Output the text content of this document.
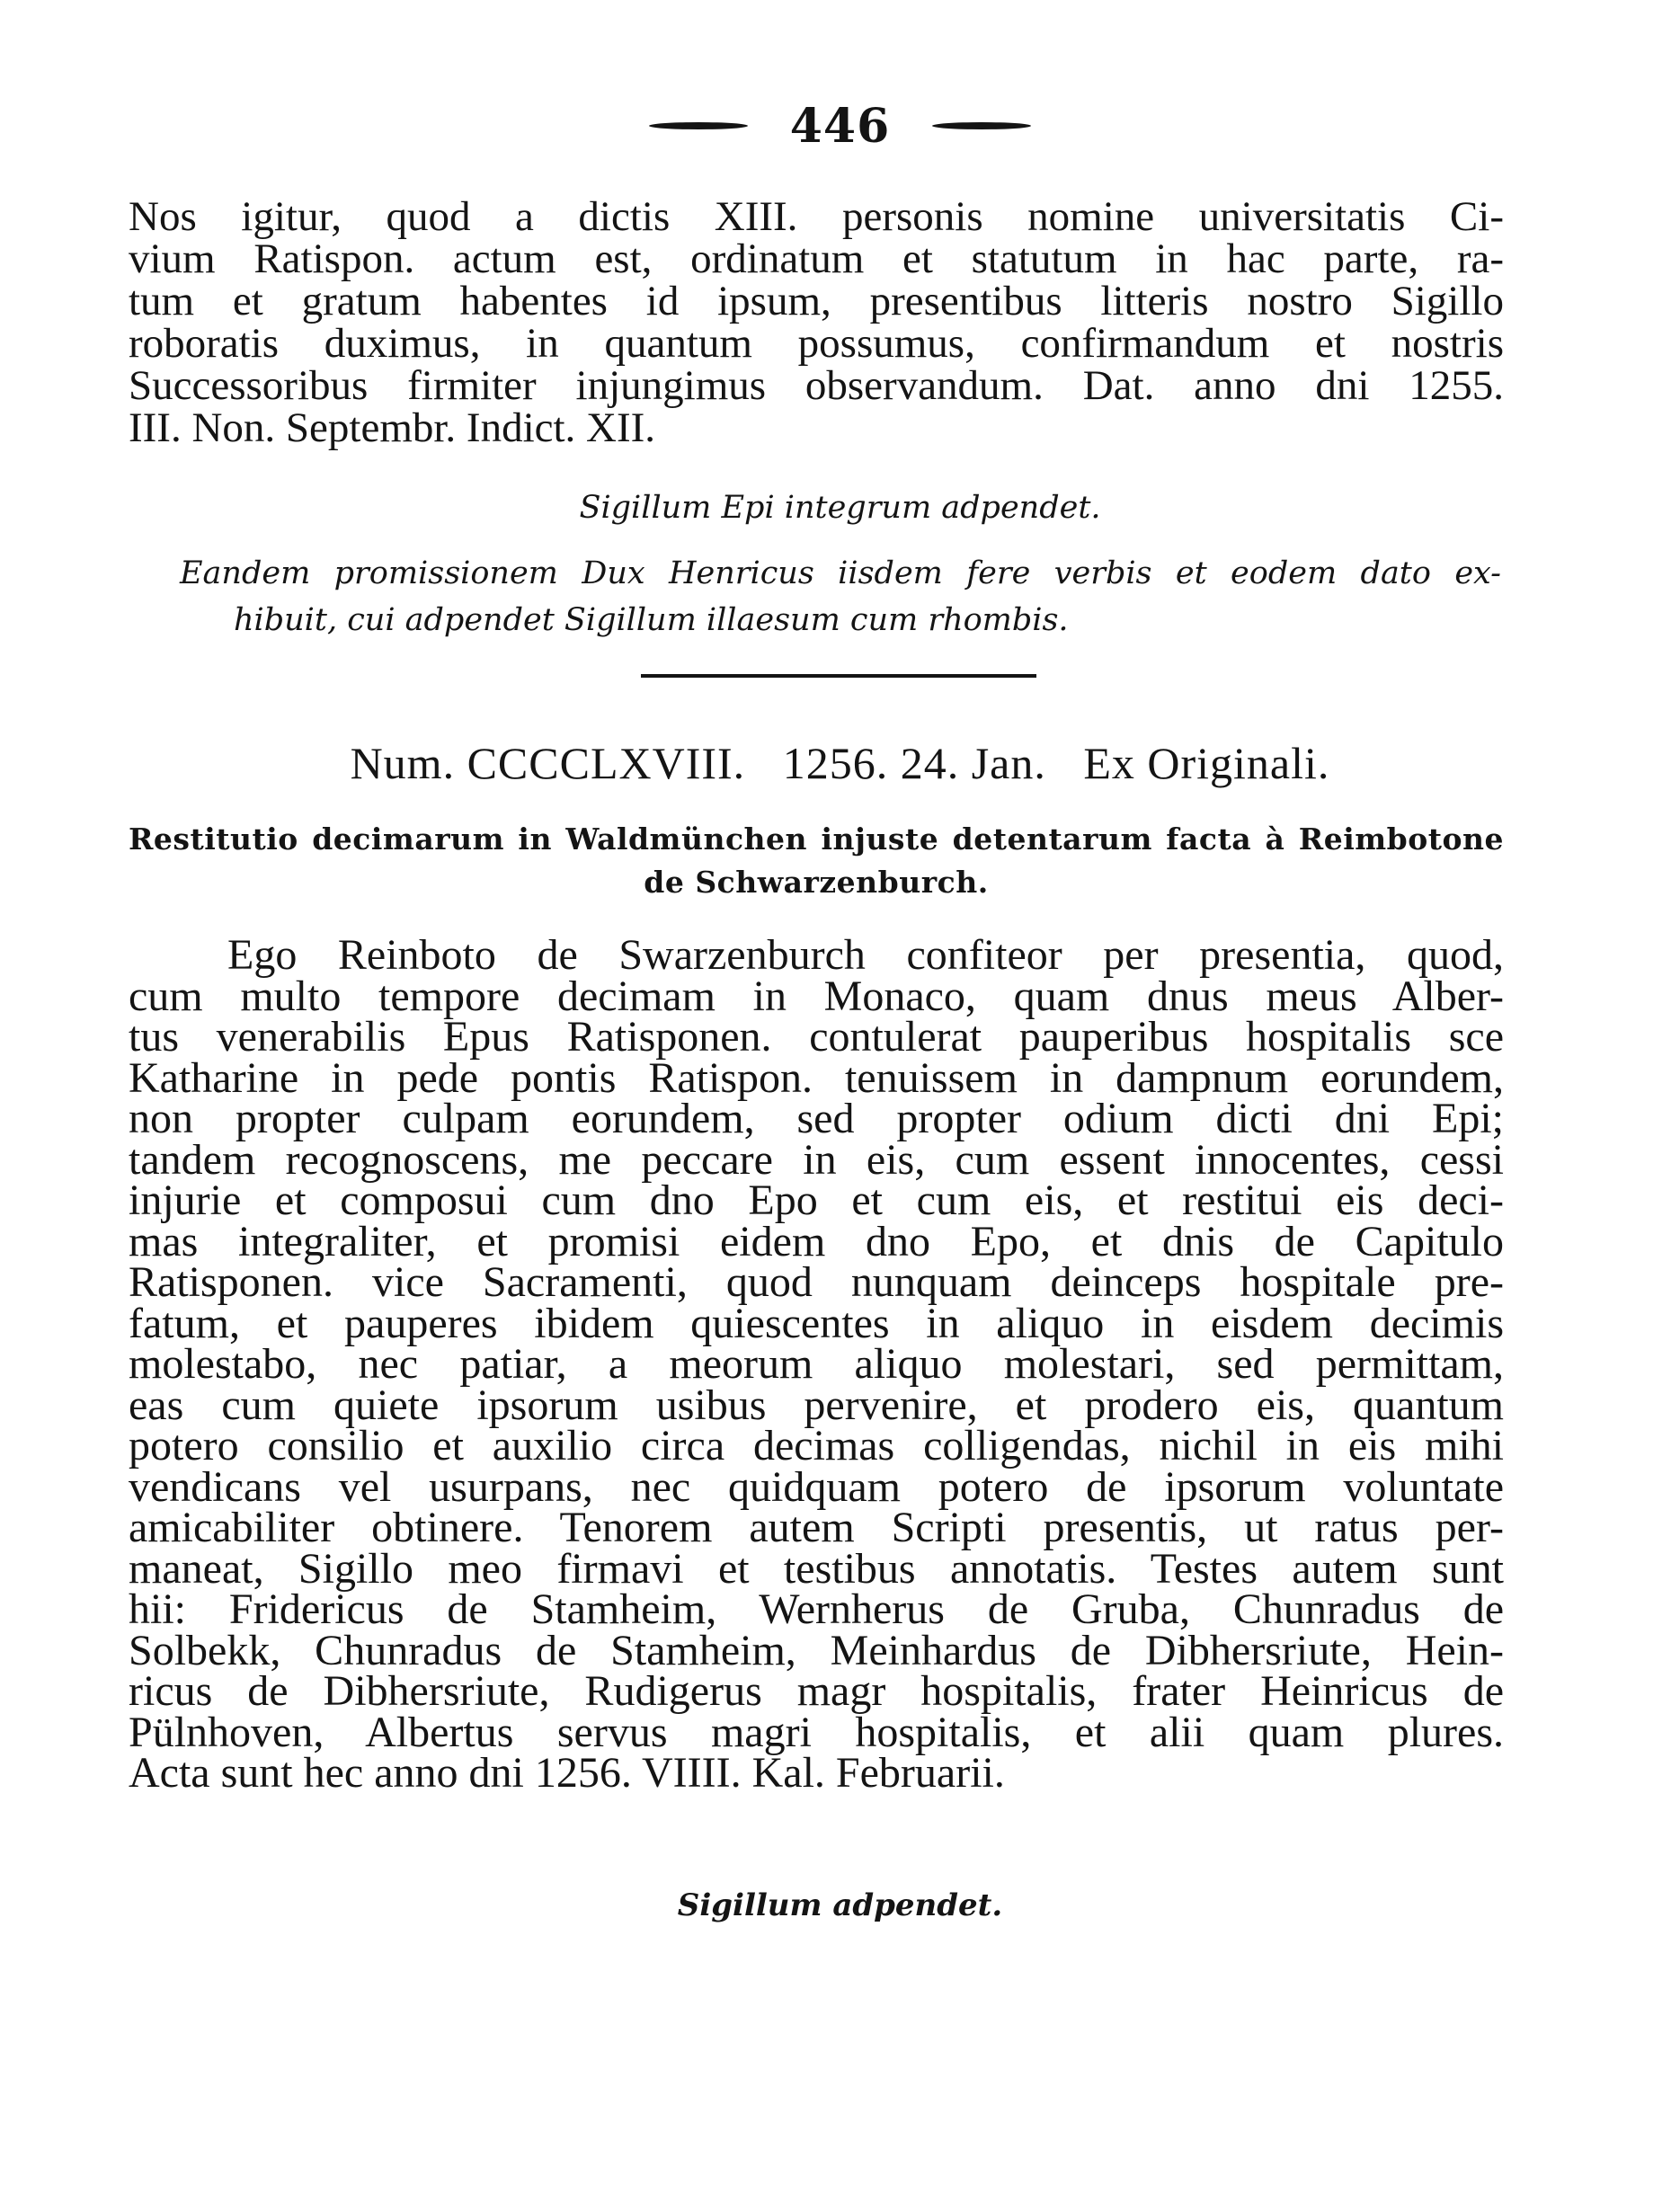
446
Nos igitur, quod a dictis XIII. personis nomine universitatis Ci-
vium Ratispon. actum est, ordinatum et statutum in hac parte, ra-
tum et gratum habentes id ipsum, presentibus litteris nostro Sigillo
roboratis duximus, in quantum possumus, confirmandum et nostris
Successoribus firmiter injungimus observandum. Dat. anno dni 1255.
III. Non. Septembr. Indict. XII.
Sigillum Epi integrum adpendet.
Eandem promissionem Dux Henricus iisdem fere verbis et eodem dato ex-
hibuit, cui adpendet Sigillum illaesum cum rhombis.
Num. CCCCLXVIII. 1256. 24. Jan. Ex Originali.
Restitutio decimarum in Waldmünchen injuste detentarum facta à Reimbotone
de Schwarzenburch.
Ego Reinboto de Swarzenburch confiteor per presentia, quod,
cum multo tempore decimam in Monaco, quam dnus meus Alber-
tus venerabilis Epus Ratisponen. contulerat pauperibus hospitalis sce
Katharine in pede pontis Ratispon. tenuissem in dampnum eorundem,
non propter culpam eorundem, sed propter odium dicti dni Epi;
tandem recognoscens, me peccare in eis, cum essent innocentes, cessi
injurie et composui cum dno Epo et cum eis, et restitui eis deci-
mas integraliter, et promisi eidem dno Epo, et dnis de Capitulo
Ratisponen. vice Sacramenti, quod nunquam deinceps hospitale pre-
fatum, et pauperes ibidem quiescentes in aliquo in eisdem decimis
molestabo, nec patiar, a meorum aliquo molestari, sed permittam,
eas cum quiete ipsorum usibus pervenire, et prodero eis, quantum
potero consilio et auxilio circa decimas colligendas, nichil in eis mihi
vendicans vel usurpans, nec quidquam potero de ipsorum voluntate
amicabiliter obtinere. Tenorem autem Scripti presentis, ut ratus per-
maneat, Sigillo meo firmavi et testibus annotatis. Testes autem sunt
hii: Fridericus de Stamheim, Wernherus de Gruba, Chunradus de
Solbekk, Chunradus de Stamheim, Meinhardus de Dibhersriute, Hein-
ricus de Dibhersriute, Rudigerus magr hospitalis, frater Heinricus de
Pülnhoven, Albertus servus magri hospitalis, et alii quam plures.
Acta sunt hec anno dni 1256. VIIII. Kal. Februarii.
Sigillum adpendet.
